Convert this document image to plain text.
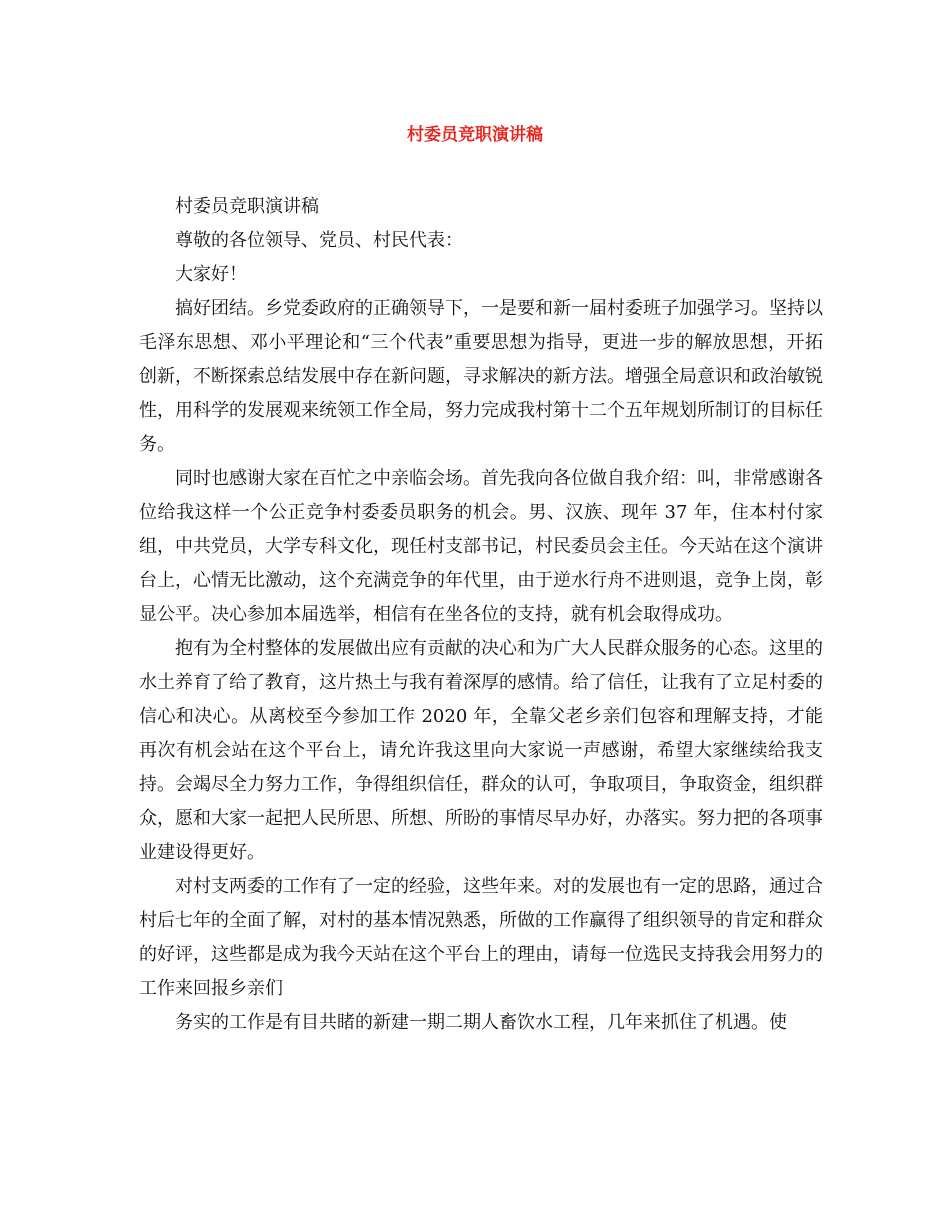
村委员竞职演讲稿

村委员竞职演讲稿

尊敬的各位领导、党员、村民代表：

大家好！

搞好团结。乡党委政府的正确领导下，一是要和新一届村委班子加强学习。坚持以毛泽东思想、邓小平理论和“三个代表”重要思想为指导，更进一步的解放思想，开拓创新，不断探索总结发展中存在新问题，寻求解决的新方法。增强全局意识和政治敏锐性，用科学的发展观来统领工作全局，努力完成我村第十二个五年规划所制订的目标任务。

同时也感谢大家在百忙之中亲临会场。首先我向各位做自我介绍：叫，非常感谢各位给我这样一个公正竞争村委委员职务的机会。男、汉族、现年 37 年，住本村付家组，中共党员，大学专科文化，现任村支部书记，村民委员会主任。今天站在这个演讲台上，心情无比激动，这个充满竞争的年代里，由于逆水行舟不进则退，竞争上岗，彰显公平。决心参加本届选举，相信有在坐各位的支持，就有机会取得成功。

抱有为全村整体的发展做出应有贡献的决心和为广大人民群众服务的心态。这里的水土养育了给了教育，这片热土与我有着深厚的感情。给了信任，让我有了立足村委的信心和决心。从离校至今参加工作 2020 年，全靠父老乡亲们包容和理解支持，才能再次有机会站在这个平台上，请允许我这里向大家说一声感谢，希望大家继续给我支持。会竭尽全力努力工作，争得组织信任，群众的认可，争取项目，争取资金，组织群众，愿和大家一起把人民所思、所想、所盼的事情尽早办好，办落实。努力把的各项事业建设得更好。

对村支两委的工作有了一定的经验，这些年来。对的发展也有一定的思路，通过合村后七年的全面了解，对村的基本情况熟悉，所做的工作赢得了组织领导的肯定和群众的好评，这些都是成为我今天站在这个平台上的理由，请每一位选民支持我会用努力的工作来回报乡亲们

务实的工作是有目共睹的新建一期二期人畜饮水工程，几年来抓住了机遇。使
